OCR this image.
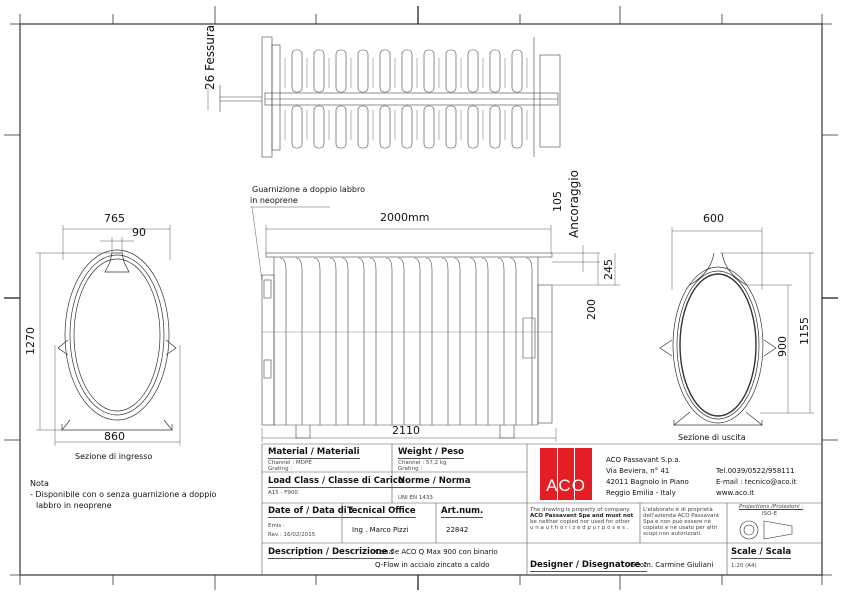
26 Fessura
Guarnizione a doppio labbro
in neoprene
2000mm
2110
105 Ancoraggio
245
200
765
90
1270
860
Sezione di ingresso
600
1155
900
Sezione di uscita
Nota
- Disponibile con o senza guarnizione a doppio
labbro in neoprene
Material / Materiali
Channel : MDPE
Grating :
Weight / Peso
Channel : 57,2 kg
Grating :
Load Class / Classe di Carico
A15 - F900
Norme / Norma
UNI EN 1433
Date of / Data di :
Emis :
Rev : 16/02/2015
Tecnical Office
Ing . Marco Pizzi
Art.num.
22842
Description / Descrizione :
Canale ACO Q Max 900 con binario
Q-Flow in acciaio zincato a caldo
ACO
ACO Passavant S.p.a.
Via Beviera, n° 41
42011 Bagnolo in Piano
Reggio Emilia - Italy
Tel.0039/0522/958111
E-mail : tecnico@aco.it
www.aco.it
The drawing is property of company
ACO Passavant Spa and must not
be neither copied nor used for other
u n a u t h o r i z e d p u r p o s e s .
L'elaborato è di proprietà
dell'azienda ACO Passavant
Spa e non può essere né
copiato e né usato per altri
scopi non autorizzati.
Projections /Proiezioni :
ISO-E
Designer / Disegnatore :
Geom. Carmine Giuliani
Scale / Scala
1:20 (A4)
